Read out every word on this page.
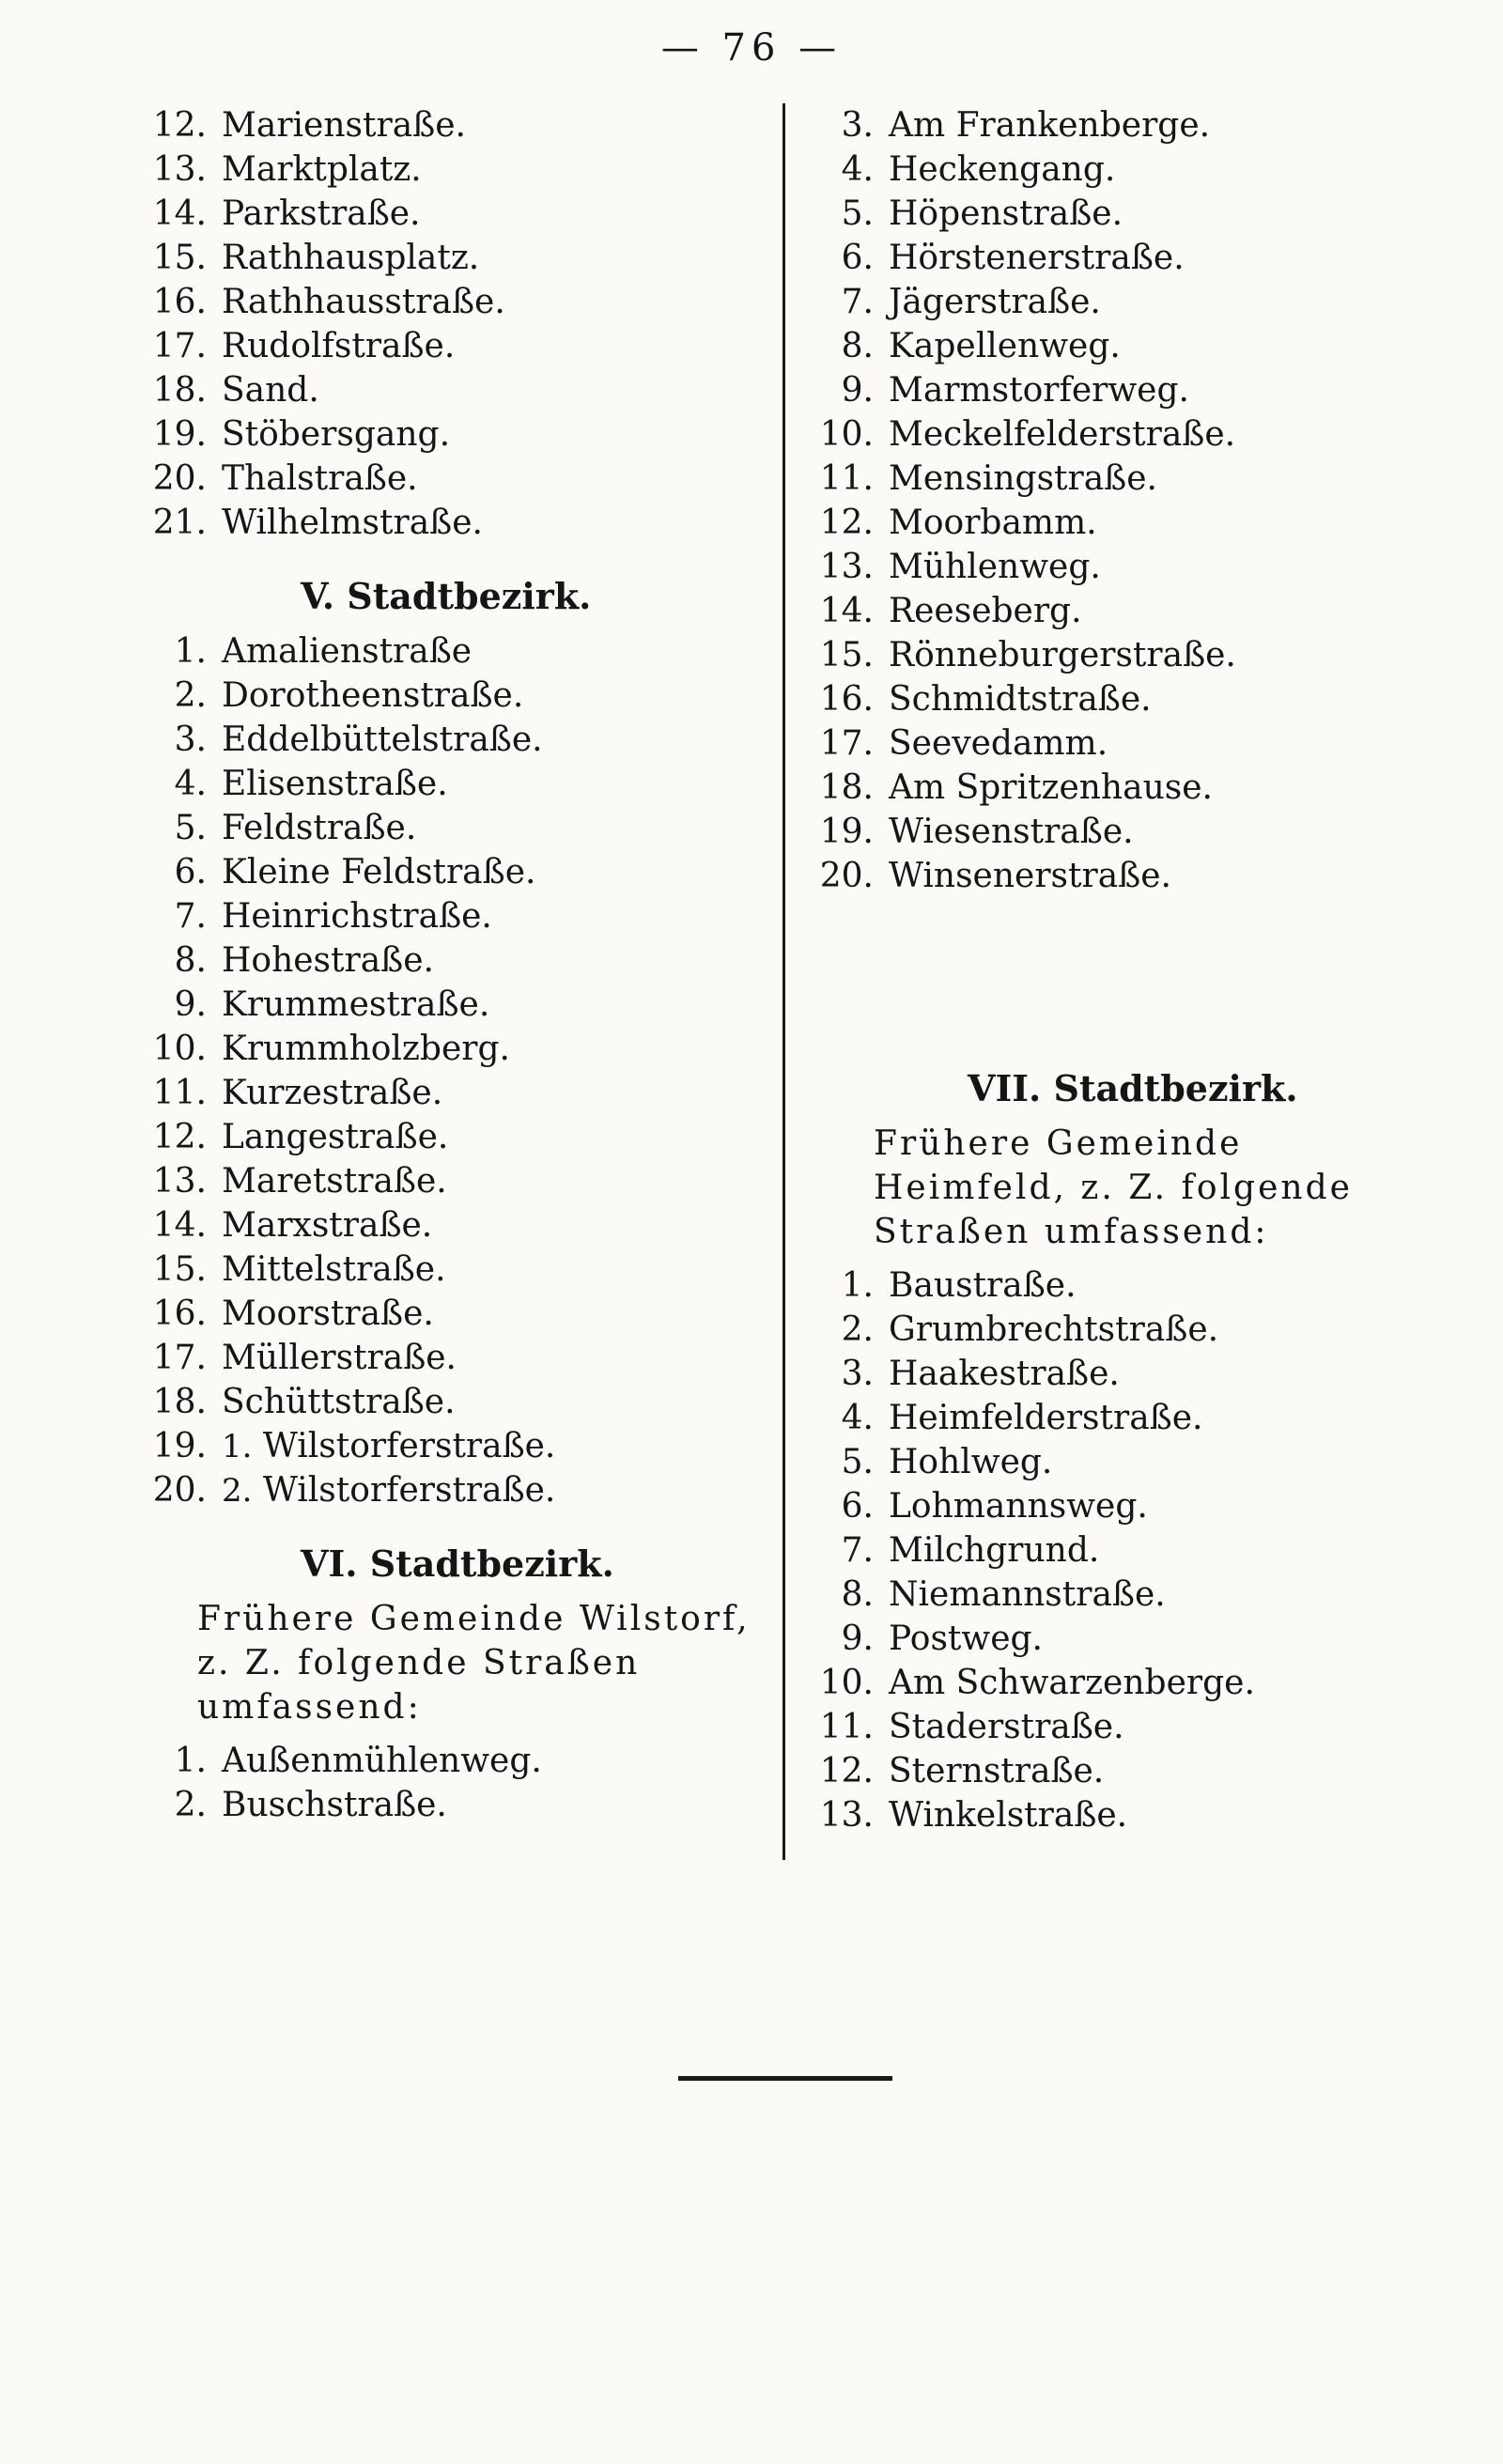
— 76 —
12. Marienstraße.
13. Marktplatz.
14. Parkstraße.
15. Rathhausplatz.
16. Rathhausstraße.
17. Rudolfstraße.
18. Sand.
19. Stöbersgang.
20. Thalstraße.
21. Wilhelmstraße.
V. Stadtbezirk.
1. Amalienstraße
2. Dorotheenstraße.
3. Eddelbüttelstraße.
4. Elisenstraße.
5. Feldstraße.
6. Kleine Feldstraße.
7. Heinrichstraße.
8. Hohestraße.
9. Krummestraße.
10. Krummholzberg.
11. Kurzestraße.
12. Langestraße.
13. Maretstraße.
14. Marxstraße.
15. Mittelstraße.
16. Moorstraße.
17. Müllerstraße.
18. Schüttstraße.
19. 1. Wilstorferstraße.
20. 2. Wilstorferstraße.
VI. Stadtbezirk.
Frühere Gemeinde Wilstorf, z. Z. folgende Straßen umfassend:
1. Außenmühlenweg.
2. Buschstraße.
3. Am Frankenberge.
4. Heckengang.
5. Höpenstraße.
6. Hörstenerstraße.
7. Jägerstraße.
8. Kapellenweg.
9. Marmstorferweg.
10. Meckelfelderstraße.
11. Mensingstraße.
12. Moorbamm.
13. Mühlenweg.
14. Reeseberg.
15. Rönneburgerstraße.
16. Schmidtstraße.
17. Seevedamm.
18. Am Spritzenhause.
19. Wiesenstraße.
20. Winsenerstraße.
VII. Stadtbezirk.
Frühere Gemeinde Heimfeld, z. Z. folgende Straßen umfassend:
1. Baustraße.
2. Grumbrechtstraße.
3. Haakestraße.
4. Heimfelderstraße.
5. Hohlweg.
6. Lohmannsweg.
7. Milchgrund.
8. Niemannstraße.
9. Postweg.
10. Am Schwarzenberge.
11. Staderstraße.
12. Sternstraße.
13. Winkelstraße.
